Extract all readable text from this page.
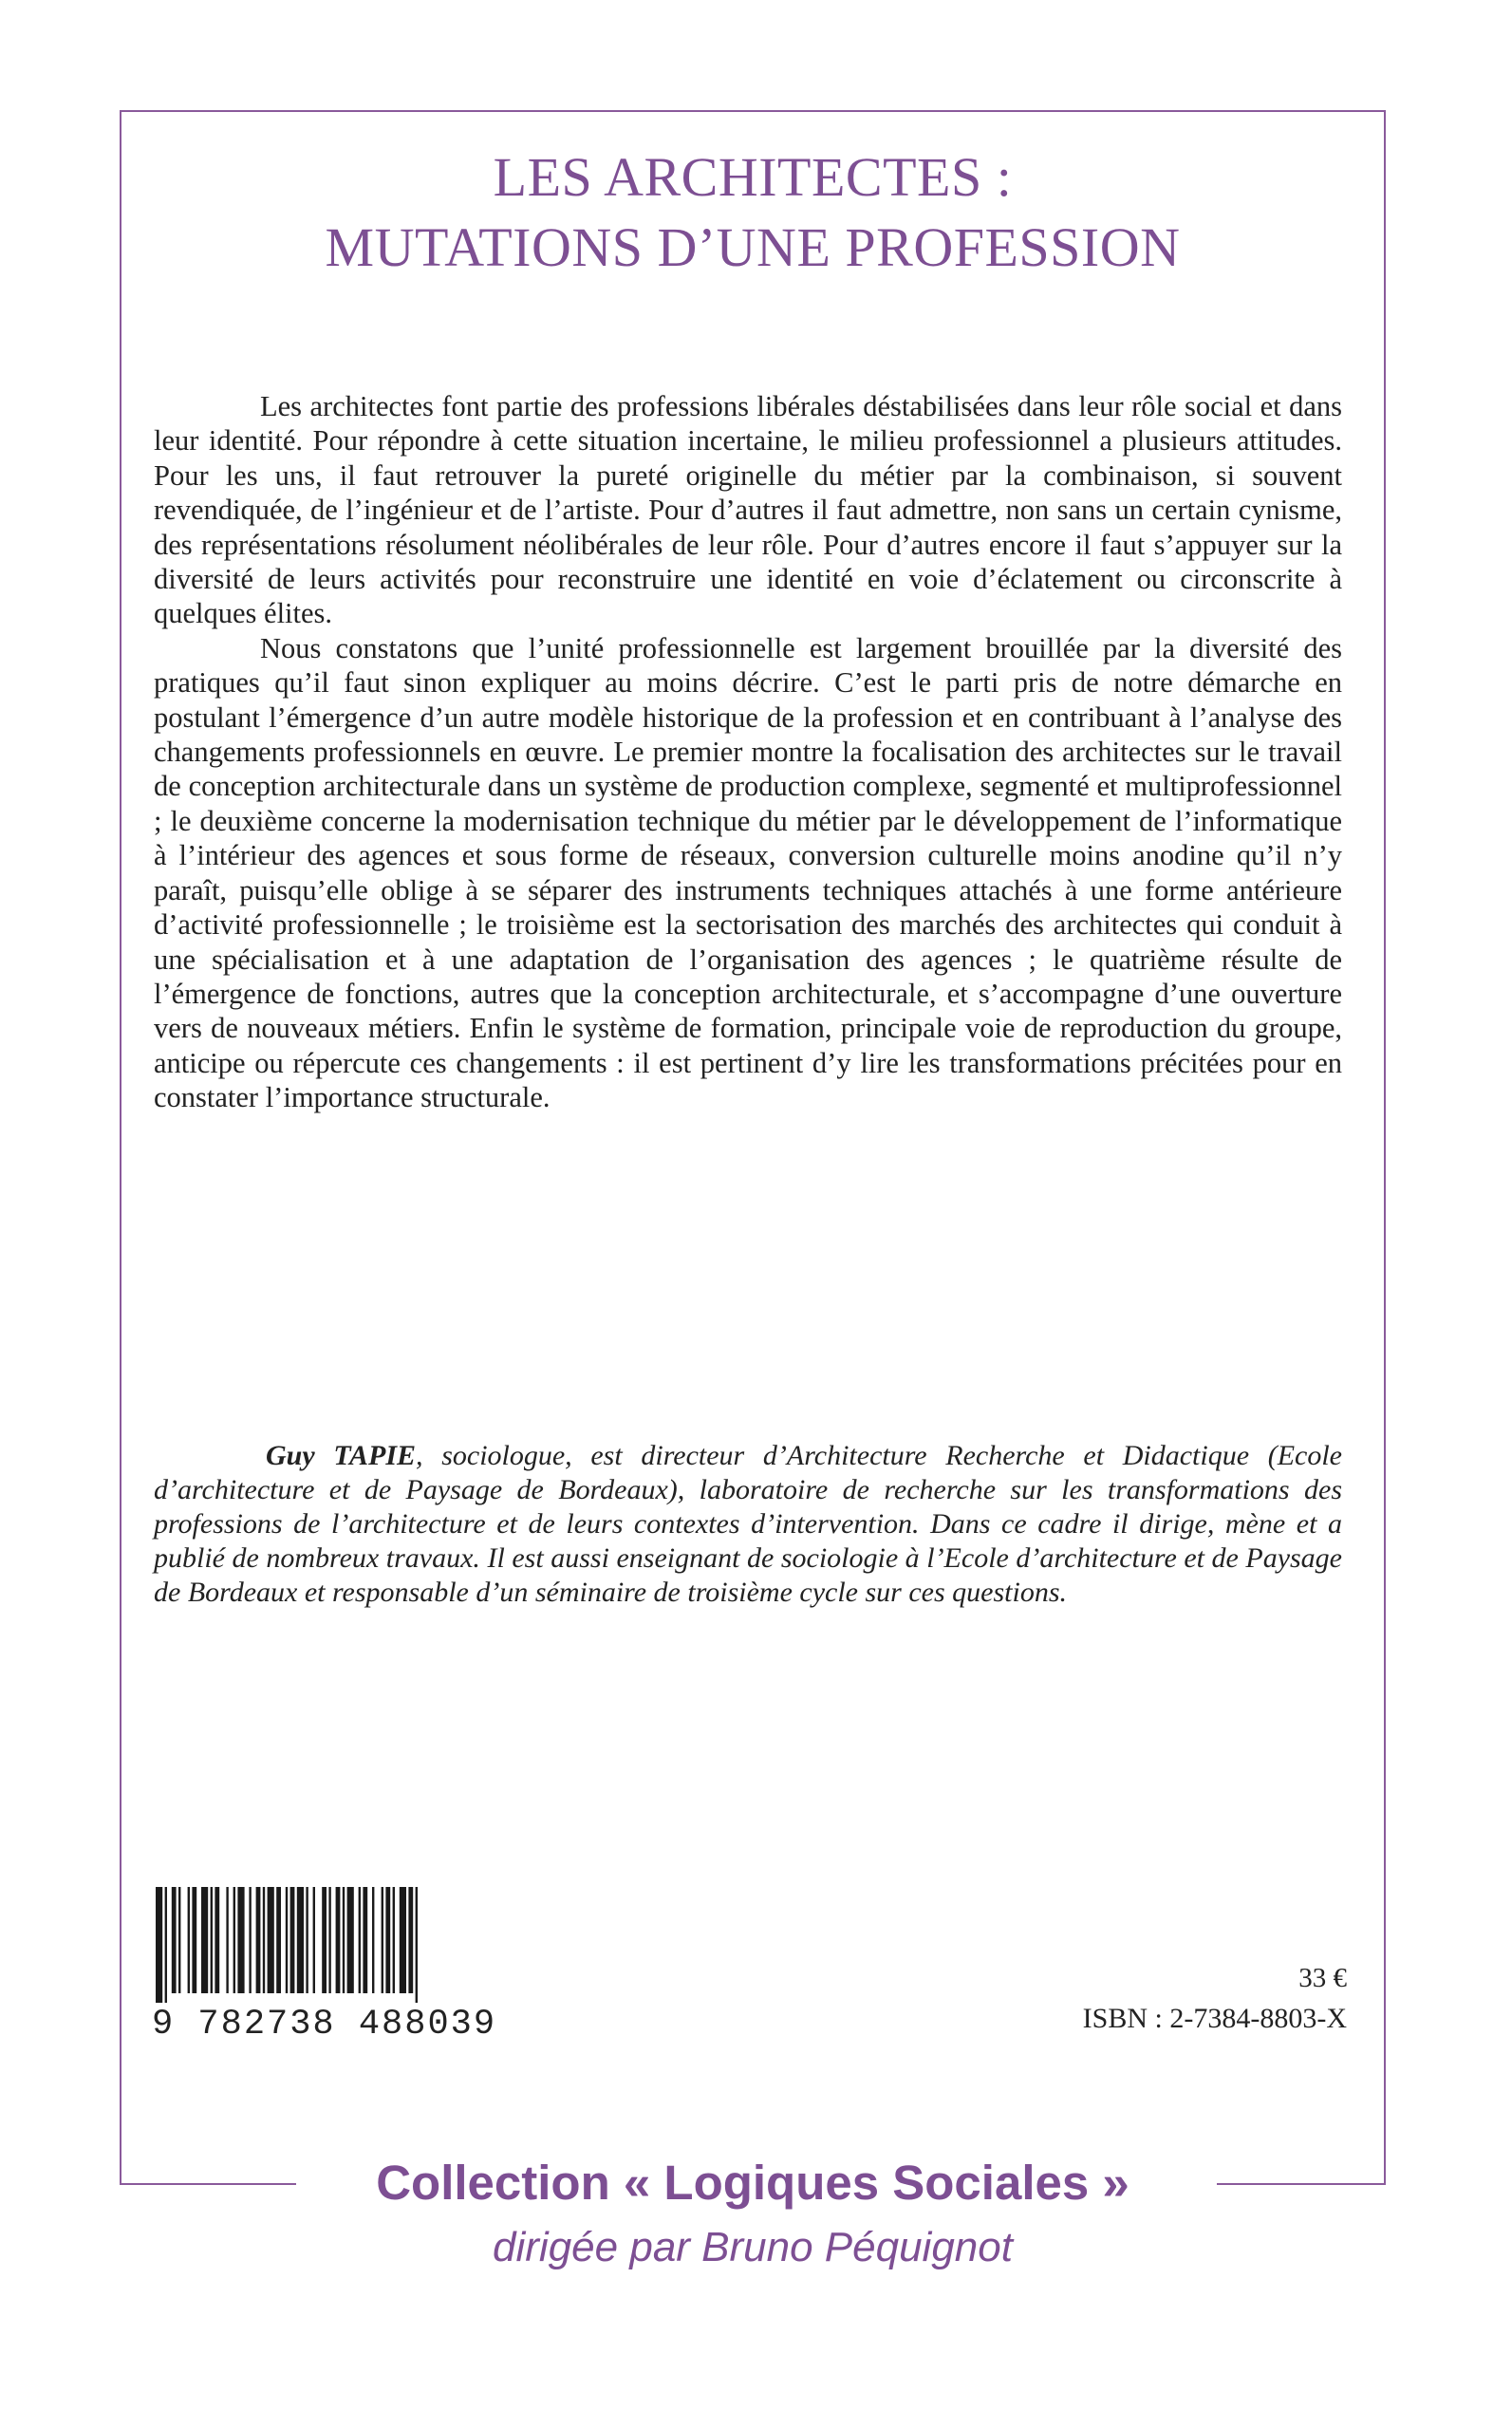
LES ARCHITECTES :
MUTATIONS D’UNE PROFESSION

Les architectes font partie des professions libérales déstabilisées dans leur rôle social et dans leur identité. Pour répondre à cette situation incertaine, le milieu professionnel a plusieurs attitudes. Pour les uns, il faut retrouver la pureté originelle du métier par la combinaison, si souvent revendiquée, de l’ingénieur et de l’artiste. Pour d’autres il faut admettre, non sans un certain cynisme, des représentations résolument néolibérales de leur rôle. Pour d’autres encore il faut s’appuyer sur la diversité de leurs activités pour reconstruire une identité en voie d’éclatement ou circonscrite à quelques élites.

Nous constatons que l’unité professionnelle est largement brouillée par la diversité des pratiques qu’il faut sinon expliquer au moins décrire. C’est le parti pris de notre démarche en postulant l’émergence d’un autre modèle historique de la profession et en contribuant à l’analyse des changements professionnels en œuvre. Le premier montre la focalisation des architectes sur le travail de conception architecturale dans un système de production complexe, segmenté et multiprofessionnel ; le deuxième concerne la modernisation technique du métier par le développement de l’informatique à l’intérieur des agences et sous forme de réseaux, conversion culturelle moins anodine qu’il n’y paraît, puisqu’elle oblige à se séparer des instruments techniques attachés à une forme antérieure d’activité professionnelle ; le troisième est la sectorisation des marchés des architectes qui conduit à une spécialisation et à une adaptation de l’organisation des agences ; le quatrième résulte de l’émergence de fonctions, autres que la conception architecturale, et s’accompagne d’une ouverture vers de nouveaux métiers. Enfin le système de formation, principale voie de reproduction du groupe, anticipe ou répercute ces changements : il est pertinent d’y lire les transformations précitées pour en constater l’importance structurale.

Guy TAPIE, sociologue, est directeur d’Architecture Recherche et Didactique (Ecole d’architecture et de Paysage de Bordeaux), laboratoire de recherche sur les transformations des professions de l’architecture et de leurs contextes d’intervention. Dans ce cadre il dirige, mène et a publié de nombreux travaux. Il est aussi enseignant de sociologie à l’Ecole d’architecture et de Paysage de Bordeaux et responsable d’un séminaire de troisième cycle sur ces questions.

9 782738 488039
33 €
ISBN : 2-7384-8803-X
Collection « Logiques Sociales »
dirigée par Bruno Péquignot
